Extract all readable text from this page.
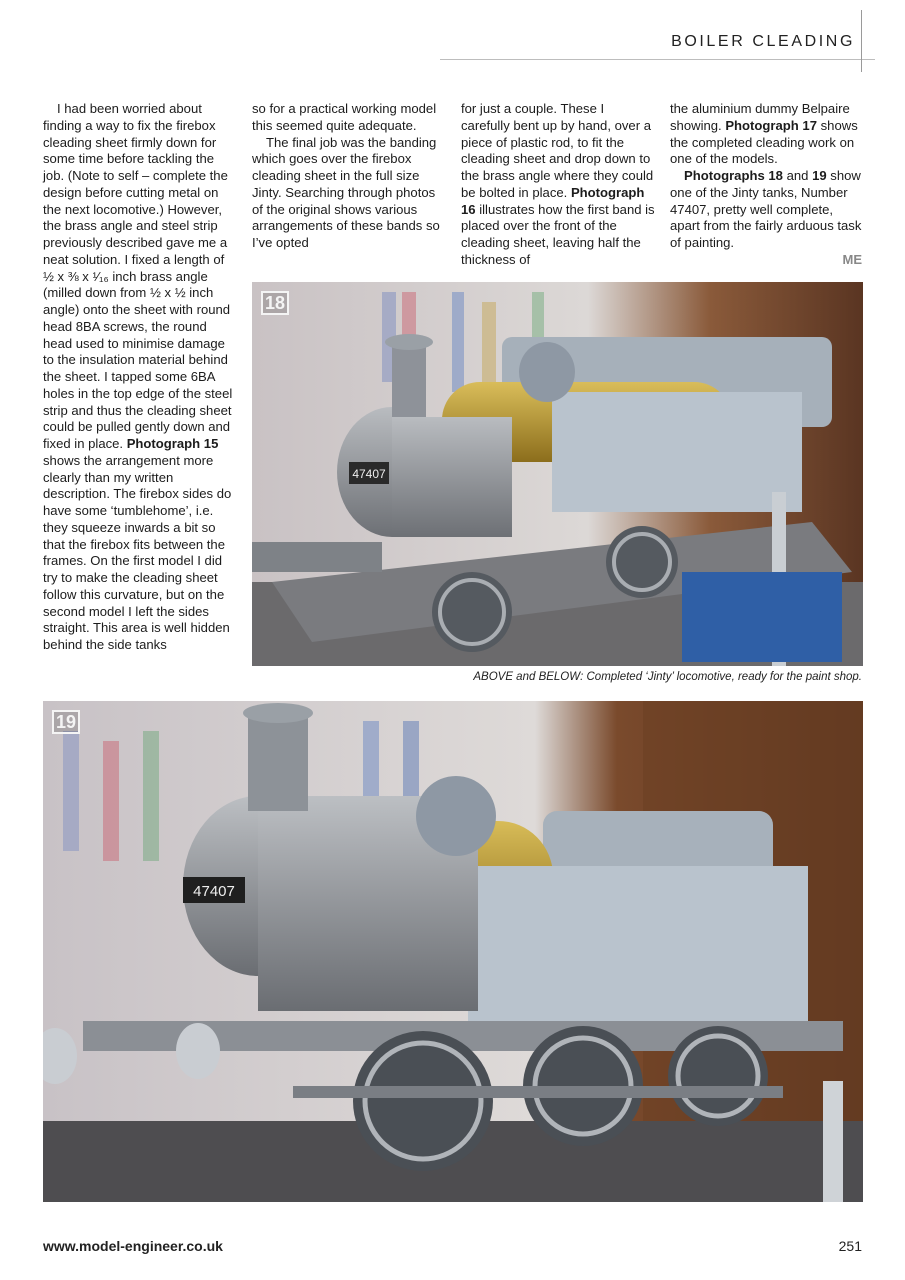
BOILER CLEADING

I had been worried about finding a way to fix the firebox cleading sheet firmly down for some time before tackling the job. (Note to self – complete the design before cutting metal on the next locomotive.) However, the brass angle and steel strip previously described gave me a neat solution. I fixed a length of ½ x ⅜ x ¹⁄₁₆ inch brass angle (milled down from ½ x ½ inch angle) onto the sheet with round head 8BA screws, the round head used to minimise damage to the insulation material behind the sheet. I tapped some 6BA holes in the top edge of the steel strip and thus the cleading sheet could be pulled gently down and fixed in place. Photograph 15 shows the arrangement more clearly than my written description. The firebox sides do have some ‘tumblehome’, i.e. they squeeze inwards a bit so that the firebox fits between the frames. On the first model I did try to make the cleading sheet follow this curvature, but on the second model I left the sides straight. This area is well hidden behind the side tanks

so for a practical working model this seemed quite adequate.

The final job was the banding which goes over the firebox cleading sheet in the full size Jinty. Searching through photos of the original shows various arrangements of these bands so I’ve opted

for just a couple. These I carefully bent up by hand, over a piece of plastic rod, to fit the cleading sheet and drop down to the brass angle where they could be bolted in place. Photograph 16 illustrates how the first band is placed over the front of the cleading sheet, leaving half the thickness of

the aluminium dummy Belpaire showing. Photograph 17 shows the completed cleading work on one of the models.

Photographs 18 and 19 show one of the Jinty tanks, Number 47407, pretty well complete, apart from the fairly arduous task of painting.

ME
47407
18
ABOVE and BELOW: Completed ‘Jinty’ locomotive, ready for the paint shop.
47407
19
www.model-engineer.co.uk	251
